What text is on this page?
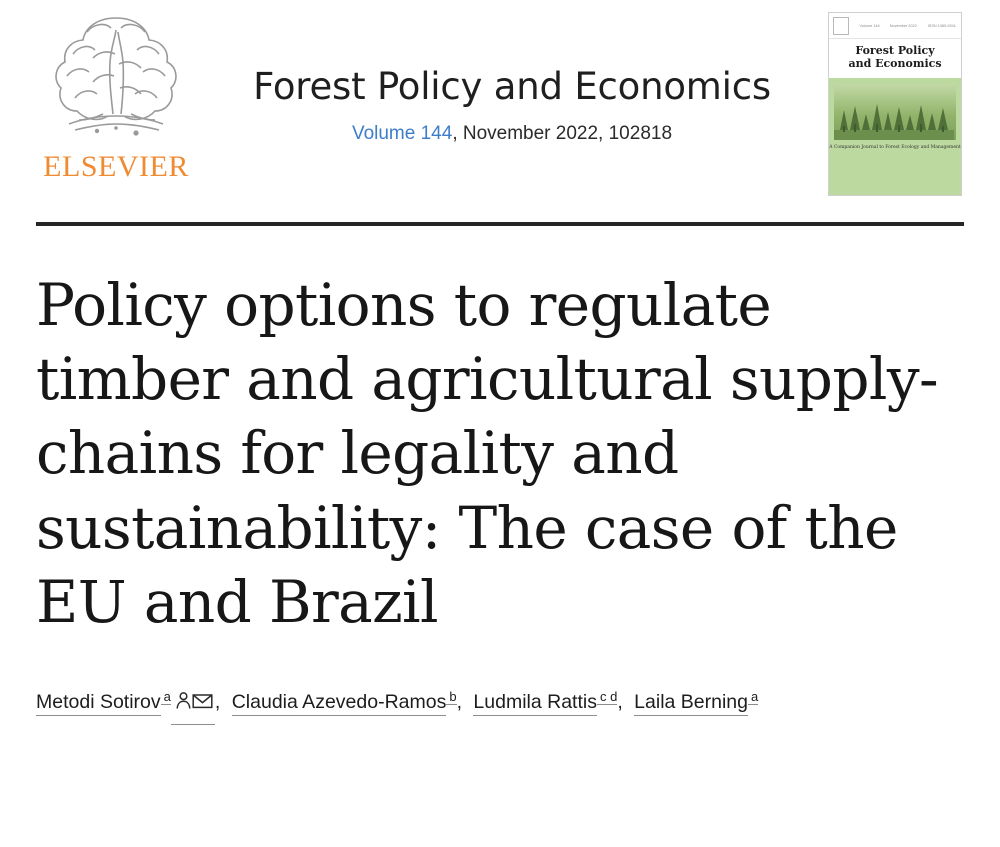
ELSEVIER
Forest Policy and Economics
Volume 144, November 2022, 102818
Volume 144	November 2022	ISSN 1389-9341
Forest Policy
and Economics
A Companion Journal to Forest Ecology and Management
Policy options to regulate timber and agricultural supply-chains for legality and sustainability: The case of the EU and Brazil
Metodi Sotirov $^a$ , Claudia Azevedo-Ramos $^b$, Ludmila Rattis $^{c d}$, Laila Berning $^a$
